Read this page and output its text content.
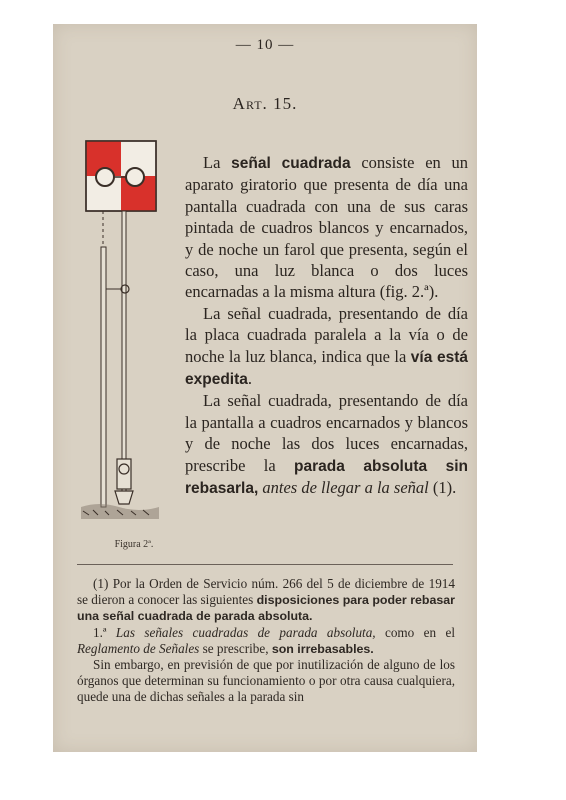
— 10 —
Art. 15.
Figura 2ª.

La señal cuadrada consiste en un aparato giratorio que presenta de día una pantalla cuadrada con una de sus caras pintada de cuadros blancos y encarnados, y de noche un farol que presenta, según el caso, una luz blanca o dos luces encarnadas a la misma altura (fig. 2.ª).

La señal cuadrada, presentando de día la placa cuadrada paralela a la vía o de noche la luz blanca, indica que la vía está expedita.

La señal cuadrada, presentando de día la pantalla a cuadros encarnados y blancos y de noche las dos luces encarnadas, prescribe la parada absoluta sin rebasarla, antes de llegar a la señal (1).

(1) Por la Orden de Servicio núm. 266 del 5 de diciembre de 1914 se dieron a conocer las siguientes disposiciones para poder rebasar una señal cuadrada de parada absoluta.

1.ª Las señales cuadradas de parada absoluta, como en el Reglamento de Señales se prescribe, son irrebasables.

Sin embargo, en previsión de que por inutilización de alguno de los órganos que determinan su funcionamiento o por otra causa cualquiera, quede una de dichas señales a la parada sin
